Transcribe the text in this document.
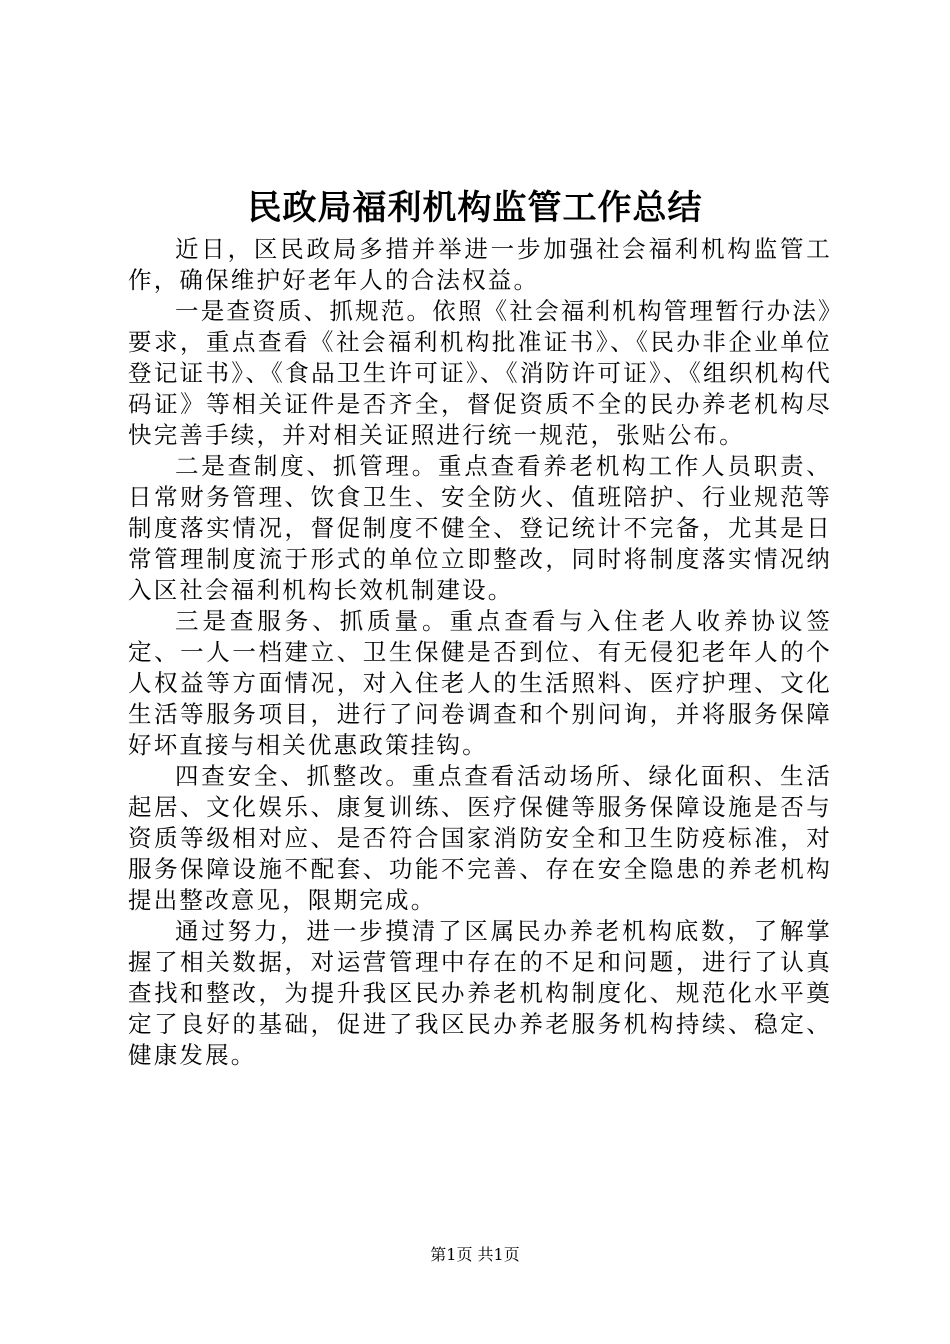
民政局福利机构监管工作总结

近日，区民政局多措并举进一步加强社会福利机构监管工作，确保维护好老年人的合法权益。

一是查资质、抓规范。依照《社会福利机构管理暂行办法》要求，重点查看《社会福利机构批准证书》、《民办非企业单位登记证书》、《食品卫生许可证》、《消防许可证》、《组织机构代码证》等相关证件是否齐全，督促资质不全的民办养老机构尽快完善手续，并对相关证照进行统一规范，张贴公布。

二是查制度、抓管理。重点查看养老机构工作人员职责、日常财务管理、饮食卫生、安全防火、值班陪护、行业规范等制度落实情况，督促制度不健全、登记统计不完备，尤其是日常管理制度流于形式的单位立即整改，同时将制度落实情况纳入区社会福利机构长效机制建设。

三是查服务、抓质量。重点查看与入住老人收养协议签定、一人一档建立、卫生保健是否到位、有无侵犯老年人的个人权益等方面情况，对入住老人的生活照料、医疗护理、文化生活等服务项目，进行了问卷调查和个别问询，并将服务保障好坏直接与相关优惠政策挂钩。

四查安全、抓整改。重点查看活动场所、绿化面积、生活起居、文化娱乐、康复训练、医疗保健等服务保障设施是否与资质等级相对应、是否符合国家消防安全和卫生防疫标准，对服务保障设施不配套、功能不完善、存在安全隐患的养老机构提出整改意见，限期完成。

通过努力，进一步摸清了区属民办养老机构底数，了解掌握了相关数据，对运营管理中存在的不足和问题，进行了认真查找和整改，为提升我区民办养老机构制度化、规范化水平奠定了良好的基础，促进了我区民办养老服务机构持续、稳定、健康发展。

第1页 共1页
